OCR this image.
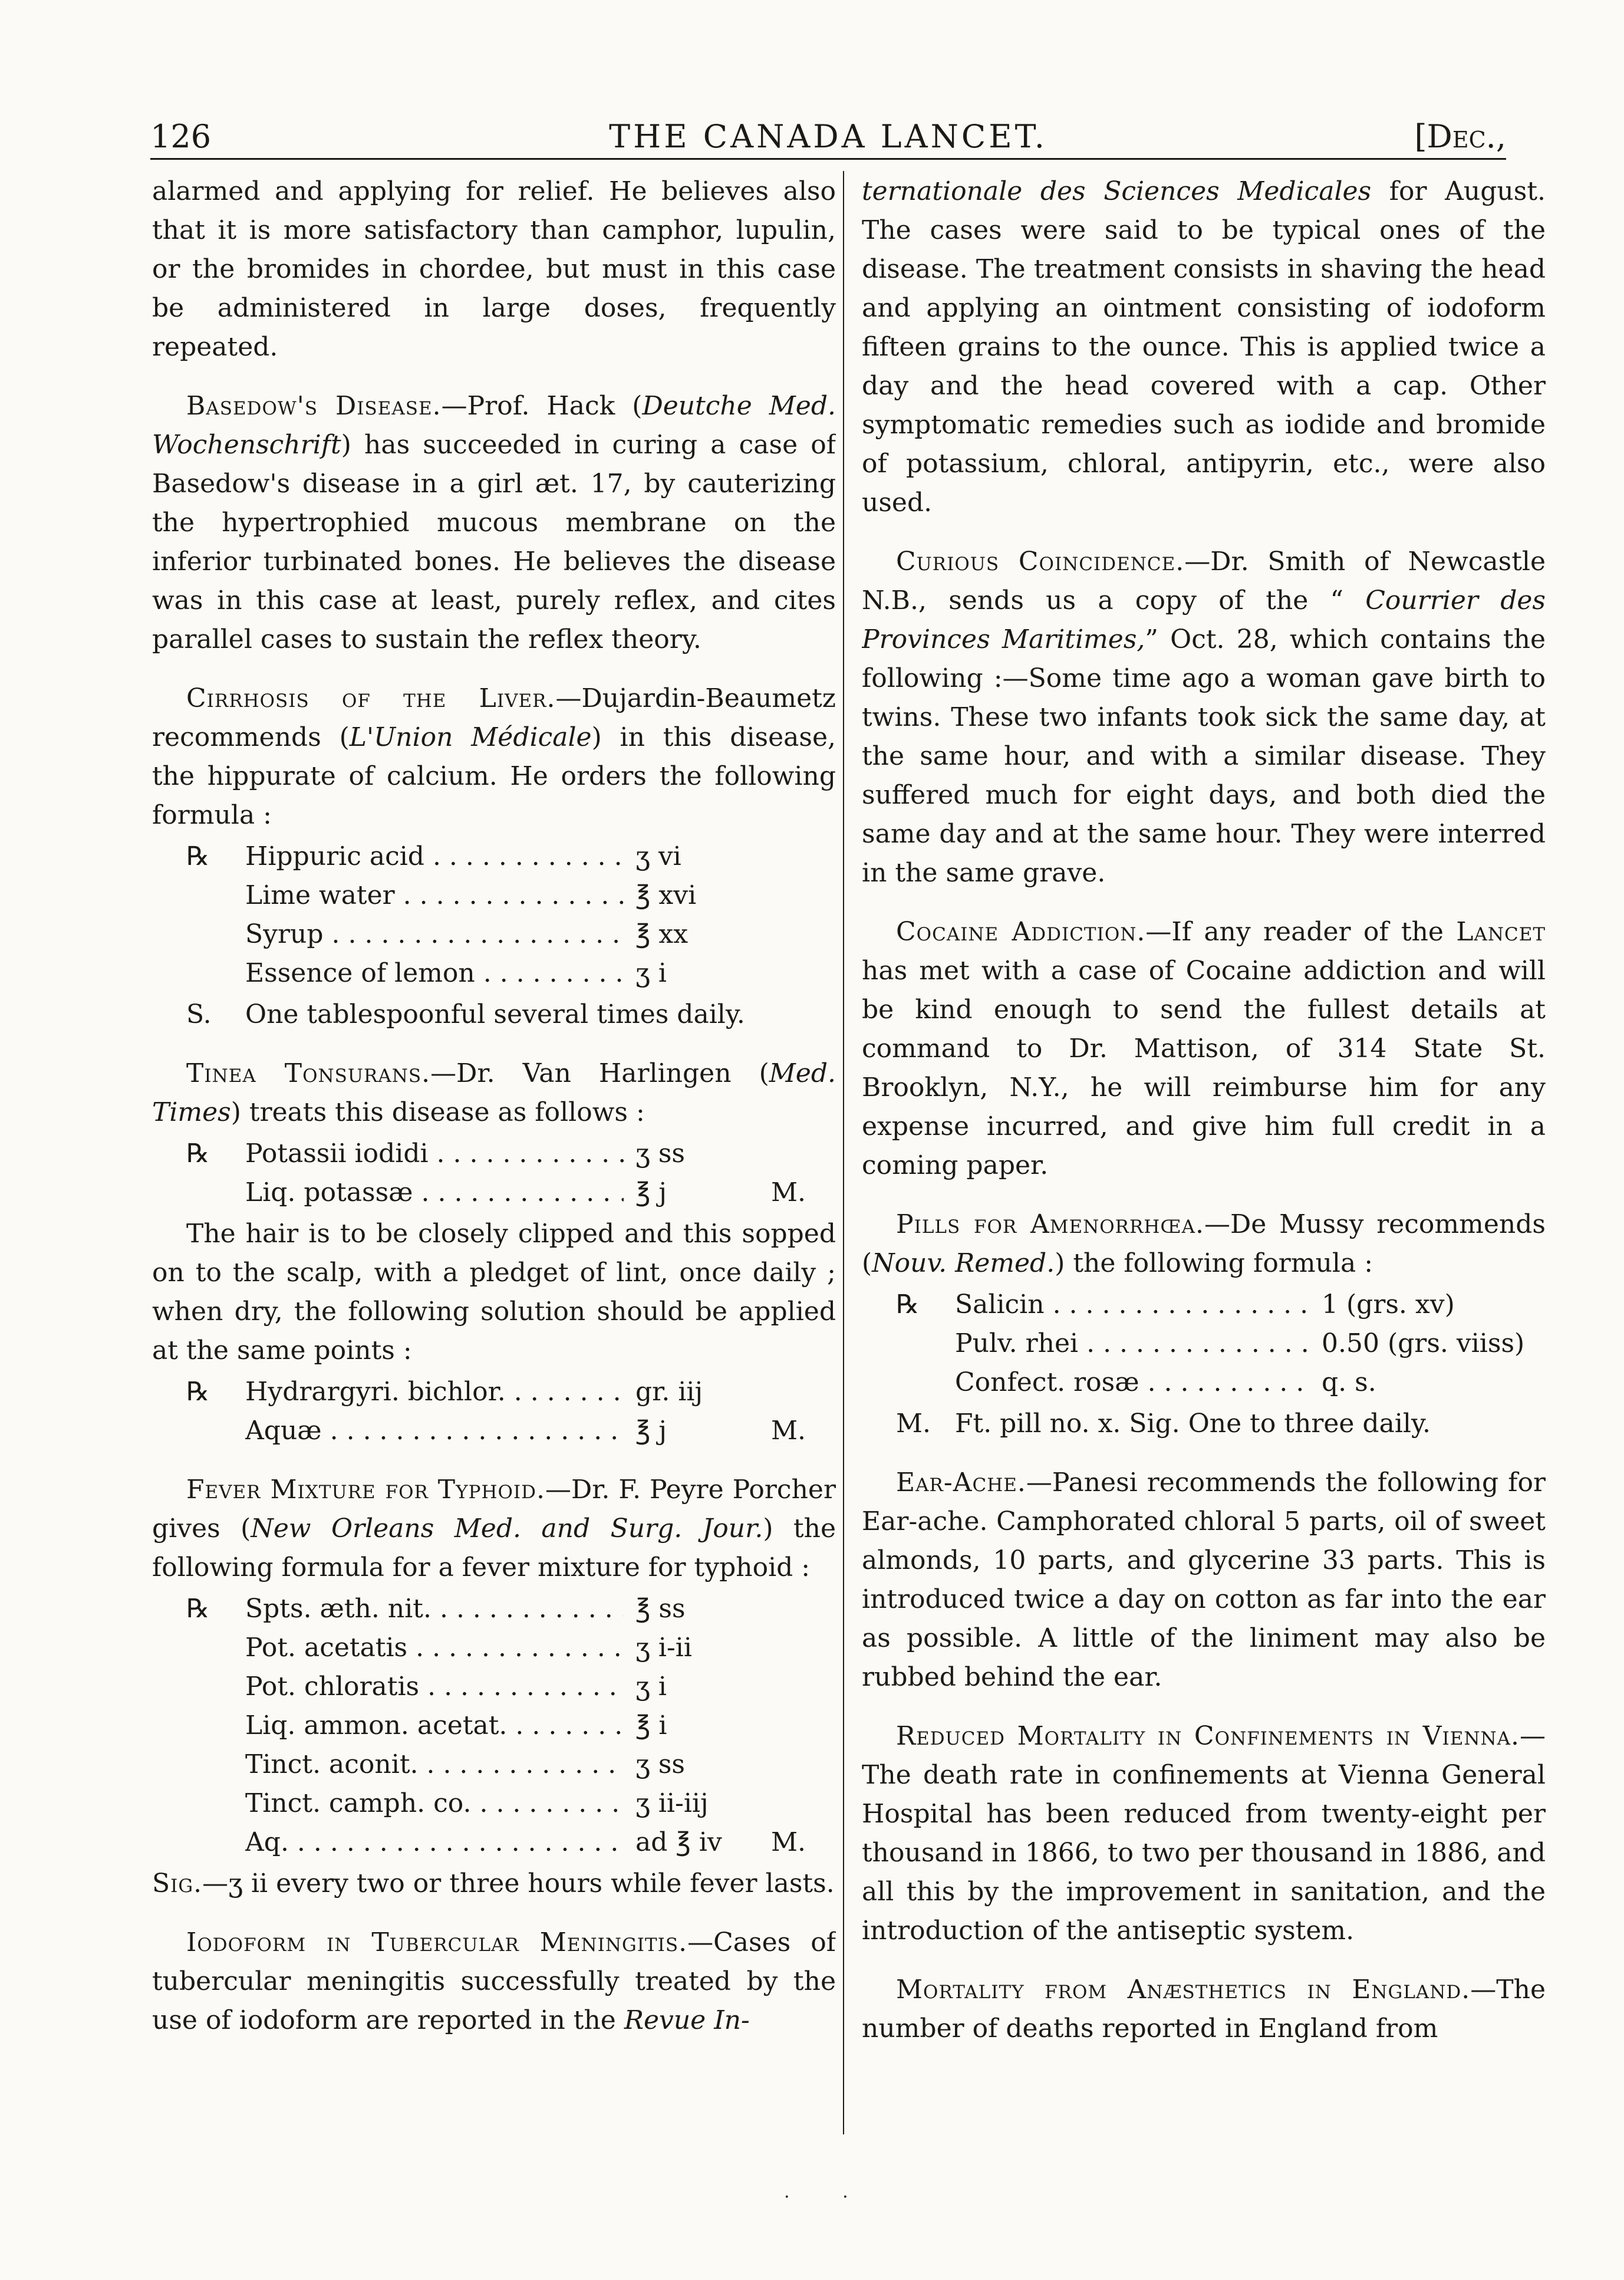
126	THE CANADA LANCET.	[Dec.,

alarmed and applying for relief. He believes also that it is more satisfactory than camphor, lupulin, or the bromides in chordee, but must in this case be administered in large doses, frequently repeated.

Basedow's Disease.—Prof. Hack (Deutche Med. Wochenschrift) has succeeded in curing a case of Basedow's disease in a girl æt. 17, by cauterizing the hypertrophied mucous membrane on the inferior turbinated bones. He believes the disease was in this case at least, purely reflex, and cites parallel cases to sustain the reflex theory.

Cirrhosis of the Liver.—Dujardin-Beaumetz recommends (L'Union Médicale) in this disease, the hippurate of calcium. He orders the following formula :

℞	Hippuric acid . . .	ʒ vi
Lime water . . .	℥ xvi
Syrup . . .	℥ xx
Essence of lemon . . .	ʒ i
S.	One tablespoonful several times daily.

Tinea Tonsurans.—Dr. Van Harlingen (Med. Times) treats this disease as follows :

℞	Potassii iodidi . . .	ʒ ss
Liq. potassæ . . .	℥ j	M.

The hair is to be closely clipped and this sopped on to the scalp, with a pledget of lint, once daily ; when dry, the following solution should be applied at the same points :

℞	Hydrargyri. bichlor. . . .	gr. iij
Aquæ . . .	℥ j	M.

Fever Mixture for Typhoid.—Dr. F. Peyre Porcher gives (New Orleans Med. and Surg. Jour.) the following formula for a fever mixture for typhoid :

℞	Spts. æth. nit. . . .	℥ ss
Pot. acetatis . . .	ʒ i-ii
Pot. chloratis . . .	ʒ i
Liq. ammon. acetat. . . .	℥ i
Tinct. aconit. . . .	ʒ ss
Tinct. camph. co. . . .	ʒ ii-iij
Aq. . . .	ad ℥ iv	M.

Sig.—ʒ ii every two or three hours while fever lasts.

Iodoform in Tubercular Meningitis.—Cases of tubercular meningitis successfully treated by the use of iodoform are reported in the Revue In-

ternationale des Sciences Medicales for August. The cases were said to be typical ones of the disease. The treatment consists in shaving the head and applying an ointment consisting of iodoform fifteen grains to the ounce. This is applied twice a day and the head covered with a cap. Other symptomatic remedies such as iodide and bromide of potassium, chloral, antipyrin, etc., were also used.

Curious Coincidence.—Dr. Smith of Newcastle N.B., sends us a copy of the “ Courrier des Provinces Maritimes,” Oct. 28, which contains the following :—Some time ago a woman gave birth to twins. These two infants took sick the same day, at the same hour, and with a similar disease. They suffered much for eight days, and both died the same day and at the same hour. They were interred in the same grave.

Cocaine Addiction.—If any reader of the Lancet has met with a case of Cocaine addiction and will be kind enough to send the fullest details at command to Dr. Mattison, of 314 State St. Brooklyn, N.Y., he will reimburse him for any expense incurred, and give him full credit in a coming paper.

Pills for Amenorrhœa.—De Mussy recommends (Nouv. Remed.) the following formula :

℞	Salicin . . .	1 (grs. xv)
Pulv. rhei . . .	0.50 (grs. viiss)
Confect. rosæ . . .	q. s.
M. Ft. pill no. x. Sig. One to three daily.

Ear-Ache.—Panesi recommends the following for Ear-ache. Camphorated chloral 5 parts, oil of sweet almonds, 10 parts, and glycerine 33 parts. This is introduced twice a day on cotton as far into the ear as possible. A little of the liniment may also be rubbed behind the ear.

Reduced Mortality in Confinements in Vienna.—The death rate in confinements at Vienna General Hospital has been reduced from twenty-eight per thousand in 1866, to two per thousand in 1886, and all this by the improvement in sanitation, and the introduction of the antiseptic system.

Mortality from Anæsthetics in England.—The number of deaths reported in England from

. .
